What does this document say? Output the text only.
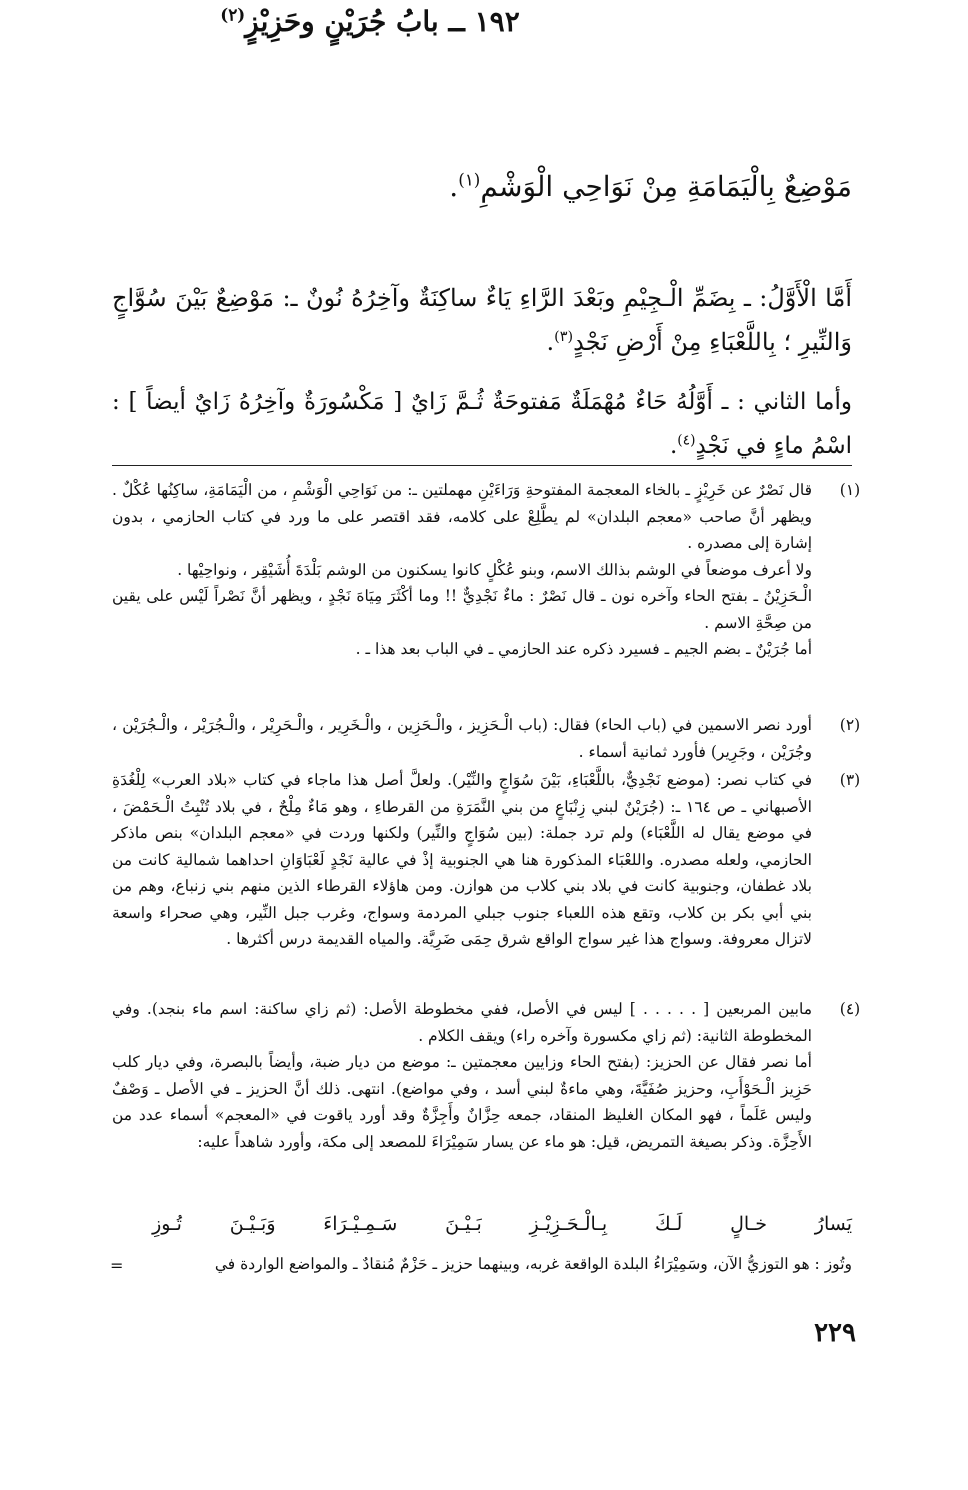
مَوْضِعٌ بِالْيَمَامَةِ مِنْ نَوَاحِي الْوَشْمِ$^{(١)}$.
١٩٢ ــ بابُ جُرَيْنٍ وحَزِيْزٍ$^{(٢)}$
أَمَّا الْأَوَّلُ: ـ بِضَمِّ الْـجِيْمِ وبَعْدَ الرَّاءِ يَاءٌ ساكِنَةٌ وآخِرُهُ نُونٌ ـ: مَوْضِعٌ بَيْنَ سُوَّاجٍ وَالنِّيرِ ؛ بِاللَّعْبَاءِ مِنْ أَرْضِ نَجْدٍ$^{(٣)}$.
وأما الثاني : ـ أَوَّلُهُ حَاءٌ مُهْمَلَةٌ مَفتوحَةٌ ثُـمَّ زَايٌ [ مَكْسُورَةٌ وآخِرُهُ زَايٌ أيضاً ] : اسْمُ ماءٍ في نَجْدٍ$^{(٤)}$.
(١)

قال نَصْرٌ عن خَرِيْزٍ ـ بالخاء المعجمة المفتوحةِ وَرَاءَيْنِ مهملتين ـ: من نَوَاحِي الْوَشْمِ ، من الْيَمَامَةِ، ساكِنُها عُكْلٌ . ويظهر أنَّ صاحب «معجم البلدان» لم يطَّلِعْ على كلامه، فقد اقتصر على ما ورد في كتاب الحازمي ، بدون إشارة إلى مصدره .

ولا أعرف موضعاً في الوشم بذالك الاسم، وبنو عُكْلٍ كانوا يسكنون من الوشم بَلْدَةَ أُشَيْقِر ، ونواحِيْها .

الْـحَزِيْنُ ـ بفتح الحاء وآخره نون ـ قال نَصْرٌ : ماءٌ نَجْدِيٌّ !! وما أكْثَرَ مِيَاهَ نَجْدٍ ، ويظهر أنَّ نَصْراً لَيْس على يقين من صِحَّةِ الاسم .

أما جُرَيْنٌ ـ بضم الجيم ـ فسيرد ذكره عند الحازمي ـ في الباب بعد هذا ـ .

(٢)

أورد نصر الاسمين في (باب الحاء) فقال: (باب الْـحَزِيز ، والْـحَزِين ، والْـخَرِير ، والْـحَرِيْر ، والْـجُرَيْر ، والْـجُرَيْن ، وجُرَيْن ، وجَرِير) فأورد ثمانية أسماء .

(٣)

في كتاب نصر: (موضع نَجْدِيٌّ، باللَّعْبَاءِ، بَيْنَ سُوَاجٍ والنِّيْر). ولعلَّ أصل هذا ماجاء في كتاب «بلاد العرب» لِلْغُدَةِ الأصبهاني ـ ص ١٦٤ ـ: (جُرَيْنٌ لبني زِنْبَاعٍ من بني النَّمَرَةِ من القرطاءِ ، وهو مَاءٌ مِلْحٌ ، في بلاد تُنْبِتُ الْـحَمْضَ ، في موضع يقال له اللَّعْبَاء) ولم ترد جملة: (بين سُوَاجٍ والنِّير) ولكنها وردت في «معجم البلدان» بنص ماذكر الحازمي، ولعله مصدره. واللعْبَاء المذكورة هنا هي الجنوبية إذْ في عالية نَجْدٍ لَعْبَاوَانِ احداهما شمالية كانت من بلاد غطفان، وجنوبية كانت في بلاد بني كلاب من هوازن. ومن هاؤلاء القرطاء الذين منهم بني زنباع، وهم من بني أبي بكر بن كلاب، وتقع هذه اللعباء جنوب جبلي المردمة وسواج، وغرب جبل النِّير، وهي صحراء واسعة لاتزال معروفة. وسواج هذا غير سواج الواقع شرق حِمَى ضَرِيَّة. والمياه القديمة درس أكثرها .

(٤)

مابين المربعين [ . . . . . ] ليس في الأصل، ففي مخطوطة الأصل: (ثم زاي ساكنة: اسم ماء بنجد). وفي المخطوطة الثانية: (ثم زاي مكسورة وآخره راء) ويقف الكلام .

أما نصر فقال عن الحزيز: (بفتح الحاء وزايين معجمتين ـ: موضع من ديار ضبة، وأيضاً بالبصرة، وفي ديار كلب حَزِيز الْـحَوْأَبِ، وحزيز صُفَيَّةَ، وهي ماءةٌ لبني أسد ، وفي مواضع). انتهى. ذلك أنَّ الحزيز ـ في الأصل ـ وَصْفٌ وليس عَلَماً ، فهو المكان الغليظ المنقاد، جمعه حِزَّانٌ وأَجِزَّةٌ وقد أورد ياقوت في «المعجم» أسماء عدد من الأَحِزَّة. وذكر بصيغة التمريض، قيل: هو ماء عن يسار سَمِيْرَاءَ للمصعد إلى مكة، وأورد شاهداً عليه:

يَسارُ
خـالٍ
لَـكَ
بِـالْـحَـزِيْـزِ
بَـيْـنَ
سَـمِـيْـرَاءَ
وَبَـيْـنَ
تُـوزِ
وتُوز : هو التوزيُّ الآن، وسَمِيْرَاءُ البلدة الواقعة غربه، وبينهما حزيز ـ حَزْمٌ مُنقادٌ ـ والمواضع الواردة في
=
٢٢٩
